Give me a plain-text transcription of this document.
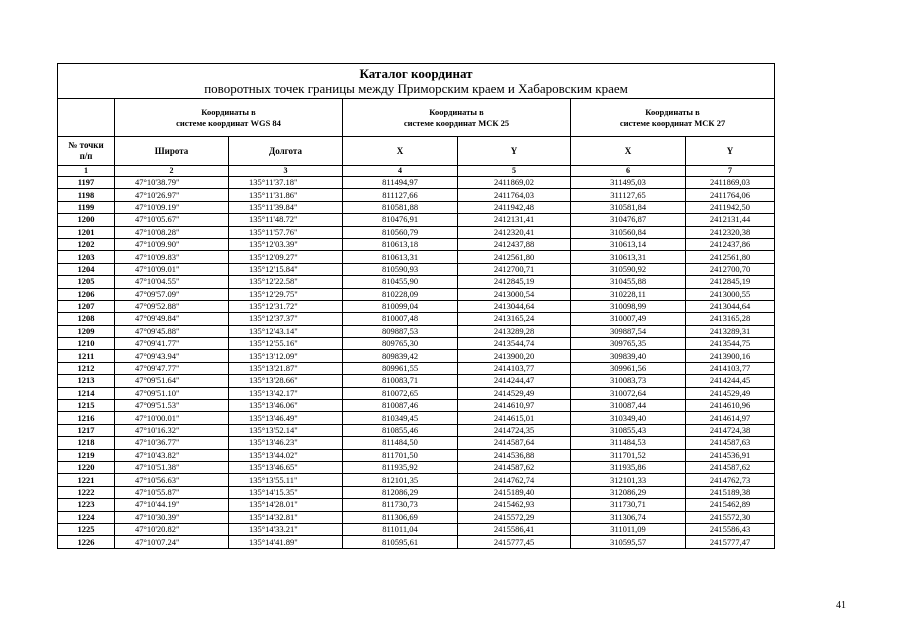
Каталог координат
поворотных точек границы между Приморским краем и Хабаровским краем						

	Координаты в
системе координат WGS 84		Координаты в
системе координат МСК 25		Координаты в
системе координат МСК 27	

№ точки
п/п	Широта	Долгота	X	Y	X	Y
1	2	3	4	5	6	7
1197	47°10'38.79"	135°11'37.18"	811494,97	2411869,02	311495,03	2411869,03
1198	47°10'26.97"	135°11'31.86"	811127,66	2411764,03	311127,65	2411764,06
1199	47°10'09.19"	135°11'39.84"	810581,88	2411942,48	310581,84	2411942,50
1200	47°10'05.67"	135°11'48.72"	810476,91	2412131,41	310476,87	2412131,44
1201	47°10'08.28"	135°11'57.76"	810560,79	2412320,41	310560,84	2412320,38
1202	47°10'09.90"	135°12'03.39"	810613,18	2412437,88	310613,14	2412437,86
1203	47°10'09.83"	135°12'09.27"	810613,31	2412561,80	310613,31	2412561,80
1204	47°10'09.01"	135°12'15.84"	810590,93	2412700,71	310590,92	2412700,70
1205	47°10'04.55"	135°12'22.58"	810455,90	2412845,19	310455,88	2412845,19
1206	47°09'57.09"	135°12'29.75"	810228,09	2413000,54	310228,11	2413000,55
1207	47°09'52.88"	135°12'31.72"	810099,04	2413044,64	310098,99	2413044,64
1208	47°09'49.84"	135°12'37.37"	810007,48	2413165,24	310007,49	2413165,28
1209	47°09'45.88"	135°12'43.14"	809887,53	2413289,28	309887,54	2413289,31
1210	47°09'41.77"	135°12'55.16"	809765,30	2413544,74	309765,35	2413544,75
1211	47°09'43.94"	135°13'12.09"	809839,42	2413900,20	309839,40	2413900,16
1212	47°09'47.77"	135°13'21.87"	809961,55	2414103,77	309961,56	2414103,77
1213	47°09'51.64"	135°13'28.66"	810083,71	2414244,47	310083,73	2414244,45
1214	47°09'51.10"	135°13'42.17"	810072,65	2414529,49	310072,64	2414529,49
1215	47°09'51.53"	135°13'46.06"	810087,46	2414610,97	310087,44	2414610,96
1216	47°10'00.01"	135°13'46.49"	810349,45	2414615,01	310349,40	2414614,97
1217	47°10'16.32"	135°13'52.14"	810855,46	2414724,35	310855,43	2414724,38
1218	47°10'36.77"	135°13'46.23"	811484,50	2414587,64	311484,53	2414587,63
1219	47°10'43.82"	135°13'44.02"	811701,50	2414536,88	311701,52	2414536,91
1220	47°10'51.38"	135°13'46.65"	811935,92	2414587,62	311935,86	2414587,62
1221	47°10'56.63"	135°13'55.11"	812101,35	2414762,74	312101,33	2414762,73
1222	47°10'55.87"	135°14'15.35"	812086,29	2415189,40	312086,29	2415189,38
1223	47°10'44.19"	135°14'28.01"	811730,73	2415462,93	311730,71	2415462,89
1224	47°10'30.39"	135°14'32.81"	811306,69	2415572,29	311306,74	2415572,30
1225	47°10'20.82"	135°14'33.21"	811011,04	2415586,41	311011,09	2415586,43
1226	47°10'07.24"	135°14'41.89"	810595,61	2415777,45	310595,57	2415777,47
41
